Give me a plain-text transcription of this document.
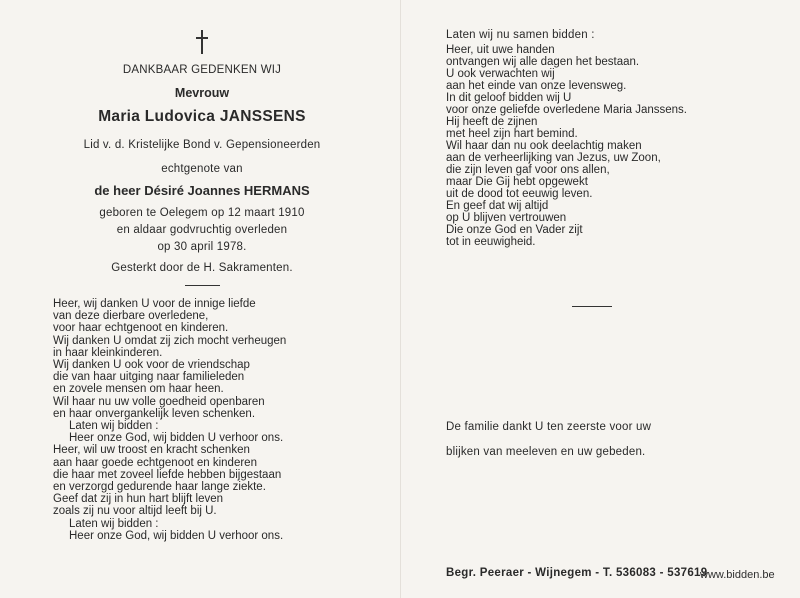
DANKBAAR GEDENKEN WIJ
Mevrouw
Maria Ludovica JANSSENS
Lid v. d. Kristelijke Bond v. Gepensioneerden
echtgenote van
de heer Désiré Joannes HERMANS
geboren te Oelegem op 12 maart 1910
en aldaar godvruchtig overleden
op 30 april 1978.
Gesterkt door de H. Sakramenten.
Heer, wij danken U voor de innige liefde
van deze dierbare overledene,
voor haar echtgenoot en kinderen.
Wij danken U omdat zij zich mocht verheugen
in haar kleinkinderen.
Wij danken U ook voor de vriendschap
die van haar uitging naar familieleden
en zovele mensen om haar heen.
Wil haar nu uw volle goedheid openbaren
en haar onvergankelijk leven schenken.
Laten wij bidden :
Heer onze God, wij bidden U verhoor ons.
Heer, wil uw troost en kracht schenken
aan haar goede echtgenoot en kinderen
die haar met zoveel liefde hebben bijgestaan
en verzorgd gedurende haar lange ziekte.
Geef dat zij in hun hart blijft leven
zoals zij nu voor altijd leeft bij U.
Laten wij bidden :
Heer onze God, wij bidden U verhoor ons.
Laten wij nu samen bidden :
Heer, uit uwe handen
ontvangen wij alle dagen het bestaan.
U ook verwachten wij
aan het einde van onze levensweg.
In dit geloof bidden wij U
voor onze geliefde overledene Maria Janssens.
Hij heeft de zijnen
met heel zijn hart bemind.
Wil haar dan nu ook deelachtig maken
aan de verheerlijking van Jezus, uw Zoon,
die zijn leven gaf voor ons allen,
maar Die Gij hebt opgewekt
uit de dood tot eeuwig leven.
En geef dat wij altijd
op U blijven vertrouwen
Die onze God en Vader zijt
tot in eeuwigheid.
De familie dankt U ten zeerste voor uw
blijken van meeleven en uw gebeden.
Begr. Peeraer - Wijnegem - T. 536083 - 537619
www.bidden.be
